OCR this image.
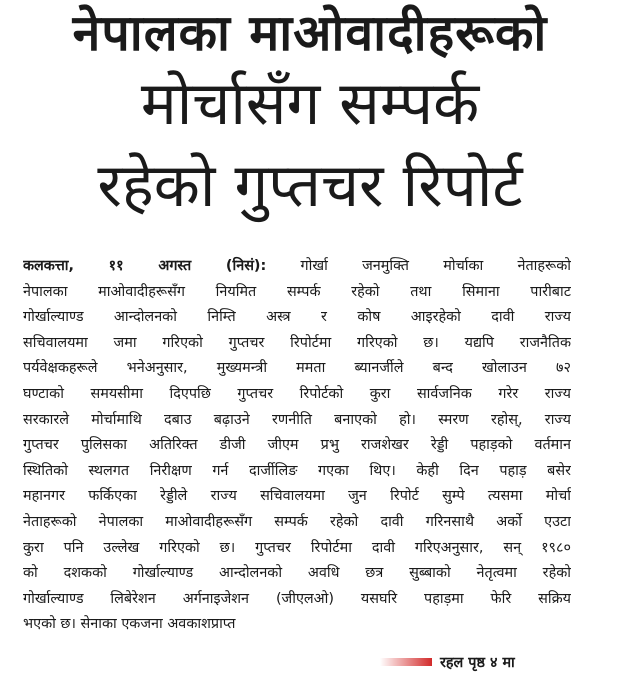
नेपालका माओवादीहरूको
मोर्चासँग सम्पर्क
रहेको गुप्तचर रिपोर्ट
कलकत्ता, ११ अगस्त (निसं): गोर्खा जनमुक्ति मोर्चाका नेताहरूको
नेपालका माओवादीहरूसँग नियमित सम्पर्क रहेको तथा सिमाना पारीबाट
गोर्खाल्याण्ड आन्दोलनको निम्ति अस्त्र र कोष आइरहेको दावी राज्य
सचिवालयमा जमा गरिएको गुप्तचर रिपोर्टमा गरिएको छ। यद्यपि राजनैतिक
पर्यवेक्षकहरूले भनेअनुसार, मुख्यमन्त्री ममता ब्यानर्जीले बन्द खोलाउन ७२
घण्टाको समयसीमा दिएपछि गुप्तचर रिपोर्टको कुरा सार्वजनिक गरेर राज्य
सरकारले मोर्चामाथि दबाउ बढ़ाउने रणनीति बनाएको हो। स्मरण रहोस्, राज्य
गुप्तचर पुलिसका अतिरिक्त डीजी जीएम प्रभु राजशेखर रेड्डी पहाड़को वर्तमान
स्थितिको स्थलगत निरीक्षण गर्न दार्जीलिङ गएका थिए। केही दिन पहाड़ बसेर
महानगर फर्किएका रेड्डीले राज्य सचिवालयमा जुन रिपोर्ट सुम्पे त्यसमा मोर्चा
नेताहरूको नेपालका माओवादीहरूसँग सम्पर्क रहेको दावी गरिनसाथै अर्को एउटा
कुरा पनि उल्लेख गरिएको छ। गुप्तचर रिपोर्टमा दावी गरिएअनुसार, सन् १९८०
को दशकको गोर्खाल्याण्ड आन्दोलनको अवधि छत्र सुब्बाको नेतृत्वमा रहेको
गोर्खाल्याण्ड लिबेरेशन अर्गनाइजेशन (जीएलओ) यसघरि पहाड़मा फेरि सक्रिय
भएको छ। सेनाका एकजना अवकाशप्राप्त
रहल पृष्ठ ४ मा
